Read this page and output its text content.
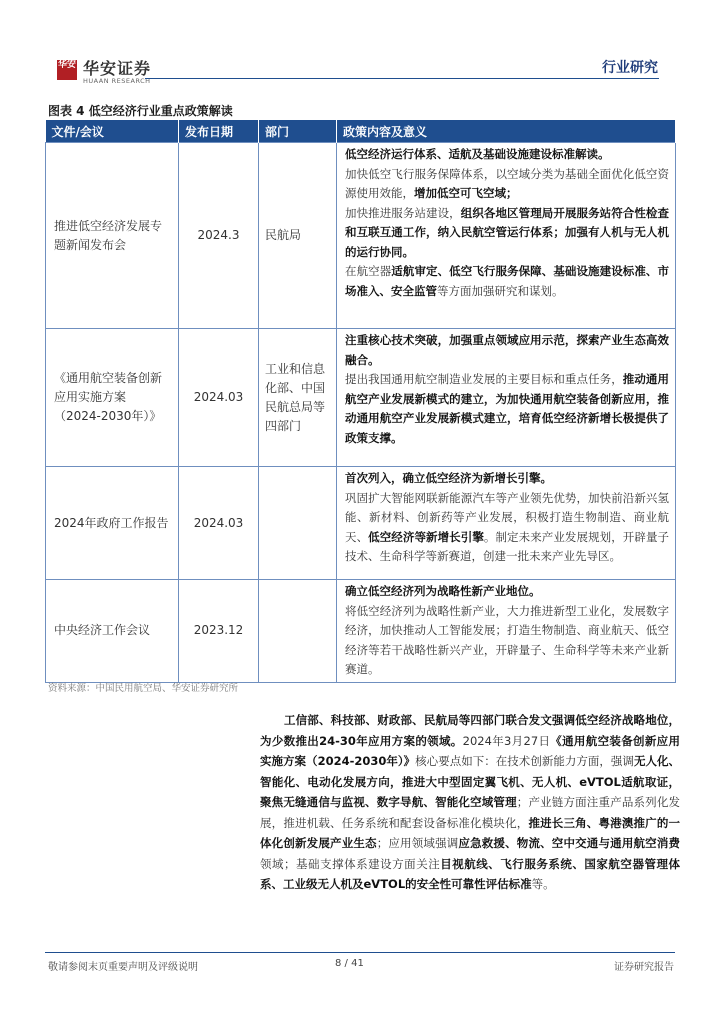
华安 华安证券
HUAAN RESEARCH
行业研究
图表 4 低空经济行业重点政策解读
文件/会议	发布日期	部门	政策内容及意义
推进低空经济发展专题新闻发布会	2024.3	民航局	低空经济运行体系、适航及基础设施建设标准解读。
加快低空飞行服务保障体系，以空域分类为基础全面优化低空资源使用效能，增加低空可飞空域；
加快推进服务站建设，组织各地区管理局开展服务站符合性检查和互联互通工作，纳入民航空管运行体系；加强有人机与无人机的运行协同。
在航空器适航审定、低空飞行服务保障、基础设施建设标准、市场准入、安全监管等方面加强研究和谋划。

《通用航空装备创新应用实施方案（2024-2030年）》	2024.03	工业和信息化部、中国民航总局等四部门	注重核心技术突破，加强重点领域应用示范，探索产业生态高效融合。
提出我国通用航空制造业发展的主要目标和重点任务，推动通用航空产业发展新模式的建立，为加快通用航空装备创新应用，推动通用航空产业发展新模式建立，培育低空经济新增长极提供了政策支撑。

2024年政府工作报告	2024.03		首次列入，确立低空经济为新增长引擎。
巩固扩大智能网联新能源汽车等产业领先优势，加快前沿新兴氢能、新材料、创新药等产业发展，积极打造生物制造、商业航天、低空经济等新增长引擎。制定未来产业发展规划，开辟量子技术、生命科学等新赛道，创建一批未来产业先导区。

中央经济工作会议	2023.12		确立低空经济列为战略性新产业地位。
将低空经济列为战略性新产业，大力推进新型工业化，发展数字经济，加快推动人工智能发展；打造生物制造、商业航天、低空经济等若干战略性新兴产业，开辟量子、生命科学等未来产业新赛道。
资料来源：中国民用航空局、华安证券研究所

工信部、科技部、财政部、民航局等四部门联合发文强调低空经济战略地位，为少数推出24-30年应用方案的领域。2024年3月27日《通用航空装备创新应用实施方案（2024-2030年）》核心要点如下：在技术创新能力方面，强调无人化、智能化、电动化发展方向，推进大中型固定翼飞机、无人机、eVTOL适航取证，聚焦无缝通信与监视、数字导航、智能化空域管理；产业链方面注重产品系列化发展，推进机载、任务系统和配套设备标准化模块化，推进长三角、粤港澳推广的一体化创新发展产业生态；应用领域强调应急救援、物流、空中交通与通用航空消费领域；基础支撑体系建设方面关注目视航线、飞行服务系统、国家航空器管理体系、工业级无人机及eVTOL的安全性可靠性评估标准等。

敬请参阅末页重要声明及评级说明	8 / 41	证券研究报告
